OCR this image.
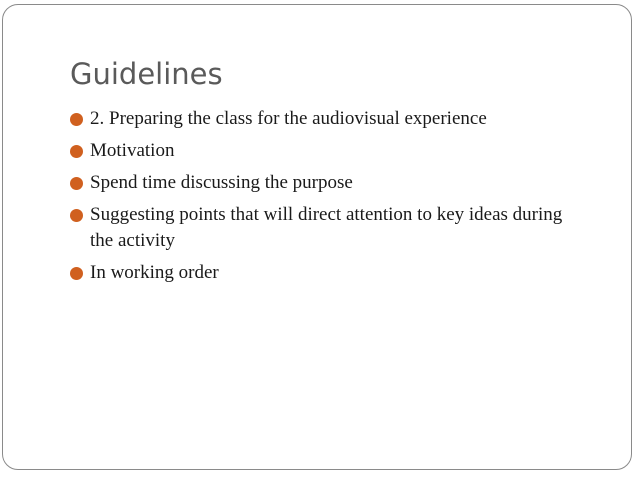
Guidelines
2. Preparing the class for the audiovisual experience
Motivation
Spend time discussing the purpose
Suggesting points that will direct attention to key ideas during the activity
In working order
